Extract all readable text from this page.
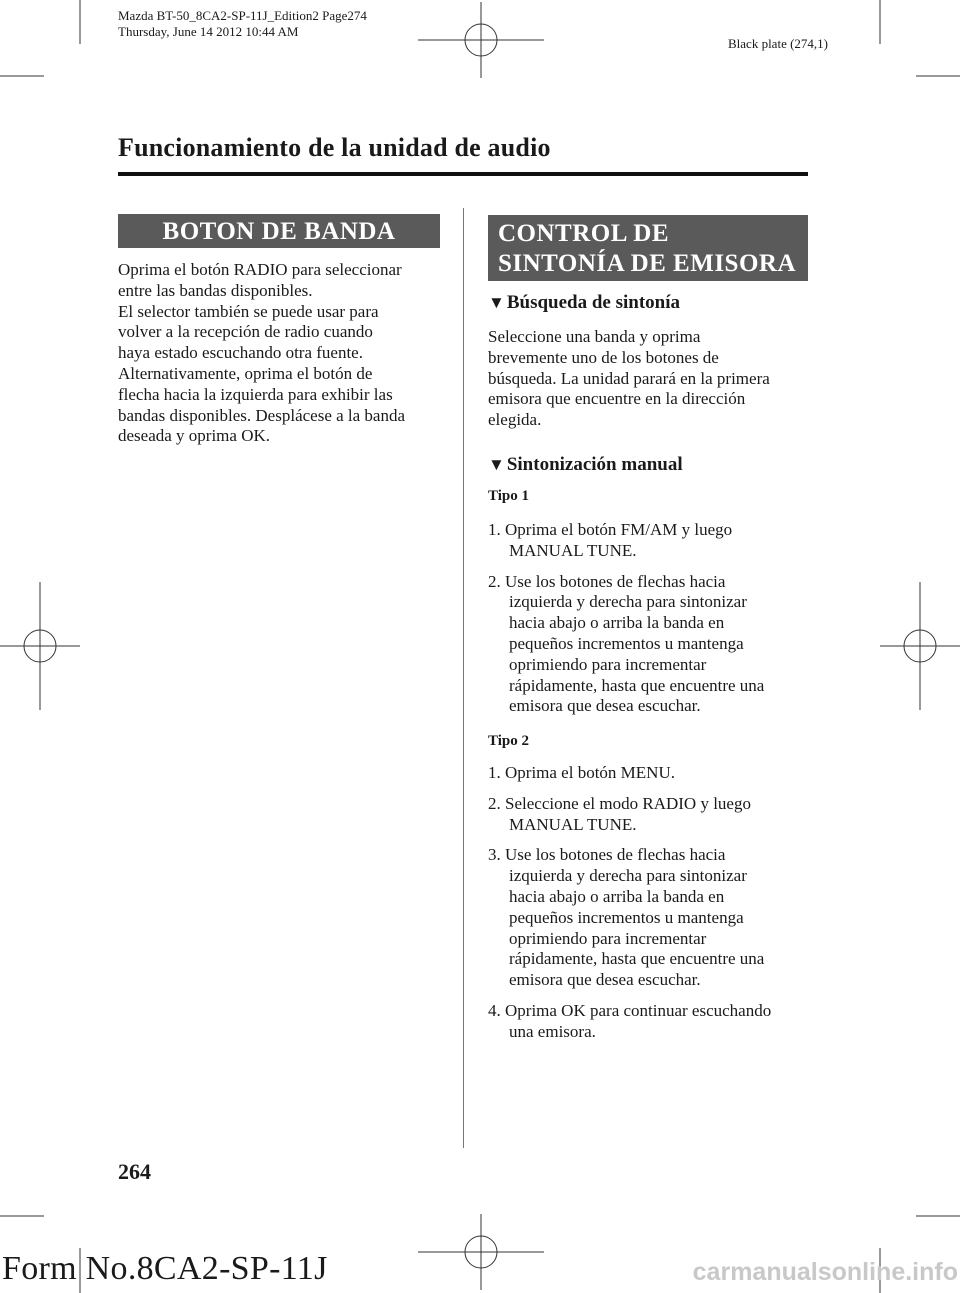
Mazda BT-50_8CA2-SP-11J_Edition2 Page274
Thursday, June 14 2012 10:44 AM
Black plate (274,1)
Funcionamiento de la unidad de audio
BOTON DE BANDA
Oprima el botón RADIO para seleccionar
entre las bandas disponibles.
El selector también se puede usar para
volver a la recepción de radio cuando
haya estado escuchando otra fuente.
Alternativamente, oprima el botón de
flecha hacia la izquierda para exhibir las
bandas disponibles. Desplácese a la banda
deseada y oprima OK.
CONTROL DE
SINTONÍA DE EMISORA
▼ Búsqueda de sintonía
Seleccione una banda y oprima
brevemente uno de los botones de
búsqueda. La unidad parará en la primera
emisora que encuentre en la dirección
elegida.
▼ Sintonización manual
Tipo 1
1. Oprima el botón FM/AM y luego
MANUAL TUNE.
2. Use los botones de flechas hacia
izquierda y derecha para sintonizar
hacia abajo o arriba la banda en
pequeños incrementos u mantenga
oprimiendo para incrementar
rápidamente, hasta que encuentre una
emisora que desea escuchar.
Tipo 2
1. Oprima el botón MENU.
2. Seleccione el modo RADIO y luego
MANUAL TUNE.
3. Use los botones de flechas hacia
izquierda y derecha para sintonizar
hacia abajo o arriba la banda en
pequeños incrementos u mantenga
oprimiendo para incrementar
rápidamente, hasta que encuentre una
emisora que desea escuchar.
4. Oprima OK para continuar escuchando
una emisora.
264
Form No.8CA2-SP-11J	carmanualsonline.info
